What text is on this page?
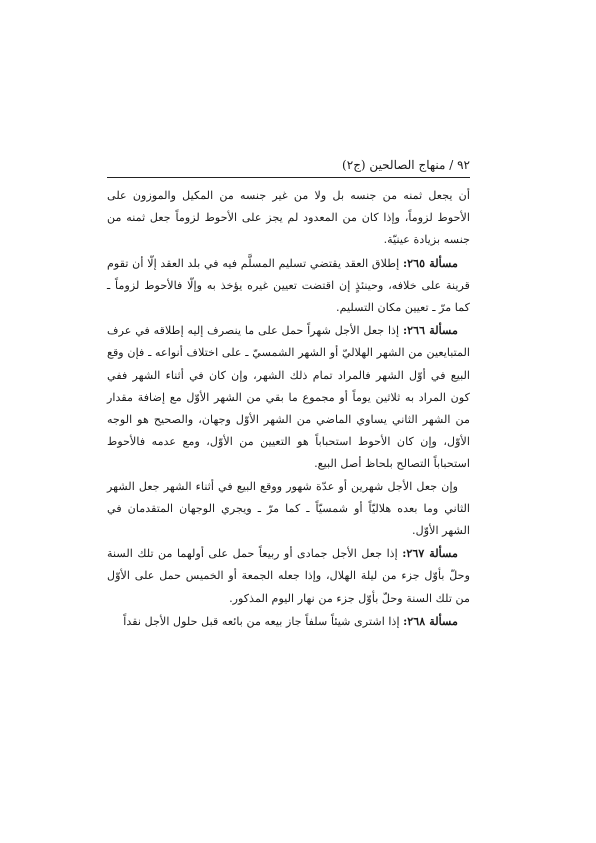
٩٢ / منهاج الصالحين (ج٢)

أن يجعل ثمنه من جنسه بل ولا من غير جنسه من المكيل والموزون على الأحوط لزوماً، وإذا كان من المعدود لم يجز على الأحوط لزوماً جعل ثمنه من جنسه بزيادة عينيّة.

مسألة ٢٦٥: إطلاق العقد يقتضي تسليم المسلَّم فيه في بلد العقد إلّا أن تقوم قرينة على خلافه، وحينئذٍ إن اقتضت تعيين غيره يؤخذ به وإلّا فالأحوط لزوماً ـ كما مرّ ـ تعيين مكان التسليم.

مسألة ٢٦٦: إذا جعل الأجل شهراً حمل على ما ينصرف إليه إطلاقه في عرف المتبايعين من الشهر الهلاليّ أو الشهر الشمسيّ ـ على اختلاف أنواعه ـ فإن وقع البيع في أوّل الشهر فالمراد تمام ذلك الشهر، وإن كان في أثناء الشهر ففي كون المراد به ثلاثين يوماً أو مجموع ما بقي من الشهر الأوّل مع إضافة مقدار من الشهر الثاني يساوي الماضي من الشهر الأوّل وجهان، والصحيح هو الوجه الأوّل، وإن كان الأحوط استحباباً هو التعيين من الأوّل، ومع عدمه فالأحوط استحباباً التصالح بلحاظ أصل البيع.

وإن جعل الأجل شهرين أو عدّة شهور ووقع البيع في أثناء الشهر جعل الشهر الثاني وما بعده هلاليّاً أو شمسيّاً ـ كما مرّ ـ ويجري الوجهان المتقدمان في الشهر الأوّل.

مسألة ٢٦٧: إذا جعل الأجل جمادى أو ربيعاً حمل على أولهما من تلك السنة وحلّ بأوّل جزء من ليلة الهلال، وإذا جعله الجمعة أو الخميس حمل على الأوّل من تلك السنة وحلّ بأوّل جزء من نهار اليوم المذكور.

مسألة ٢٦٨: إذا اشترى شيئاً سلفاً جاز بيعه من بائعه قبل حلول الأجل نقداً
